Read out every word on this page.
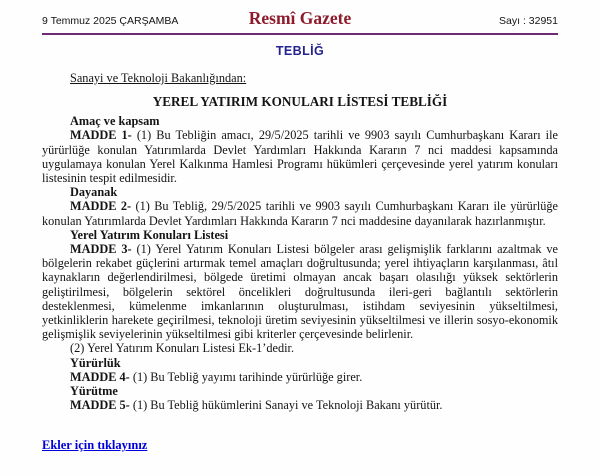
9 Temmuz 2025 ÇARŞAMBA	Resmî Gazete	Sayı : 32951
TEBLİĞ

Sanayi ve Teknoloji Bakanlığından:

YEREL YATIRIM KONULARI LİSTESİ TEBLİĞİ

Amaç ve kapsam

MADDE 1- (1) Bu Tebliğin amacı, 29/5/2025 tarihli ve 9903 sayılı Cumhurbaşkanı Kararı ile yürürlüğe konulan Yatırımlarda Devlet Yardımları Hakkında Kararın 7 nci maddesi kapsamında uygulamaya konulan Yerel Kalkınma Hamlesi Programı hükümleri çerçevesinde yerel yatırım konuları listesinin tespit edilmesidir.

Dayanak

MADDE 2- (1) Bu Tebliğ, 29/5/2025 tarihli ve 9903 sayılı Cumhurbaşkanı Kararı ile yürürlüğe konulan Yatırımlarda Devlet Yardımları Hakkında Kararın 7 nci maddesine dayanılarak hazırlanmıştır.

Yerel Yatırım Konuları Listesi

MADDE 3- (1) Yerel Yatırım Konuları Listesi bölgeler arası gelişmişlik farklarını azaltmak ve bölgelerin rekabet güçlerini artırmak temel amaçları doğrultusunda; yerel ihtiyaçların karşılanması, âtıl kaynakların değerlendirilmesi, bölgede üretimi olmayan ancak başarı olasılığı yüksek sektörlerin geliştirilmesi, bölgelerin sektörel öncelikleri doğrultusunda ileri-geri bağlantılı sektörlerin desteklenmesi, kümelenme imkanlarının oluşturulması, istihdam seviyesinin yükseltilmesi, yetkinliklerin harekete geçirilmesi, teknoloji üretim seviyesinin yükseltilmesi ve illerin sosyo-ekonomik gelişmişlik seviyelerinin yükseltilmesi gibi kriterler çerçevesinde belirlenir.

(2) Yerel Yatırım Konuları Listesi Ek-1’dedir.

Yürürlük

MADDE 4- (1) Bu Tebliğ yayımı tarihinde yürürlüğe girer.

Yürütme

MADDE 5- (1) Bu Tebliğ hükümlerini Sanayi ve Teknoloji Bakanı yürütür.

Ekler için tıklayınız
